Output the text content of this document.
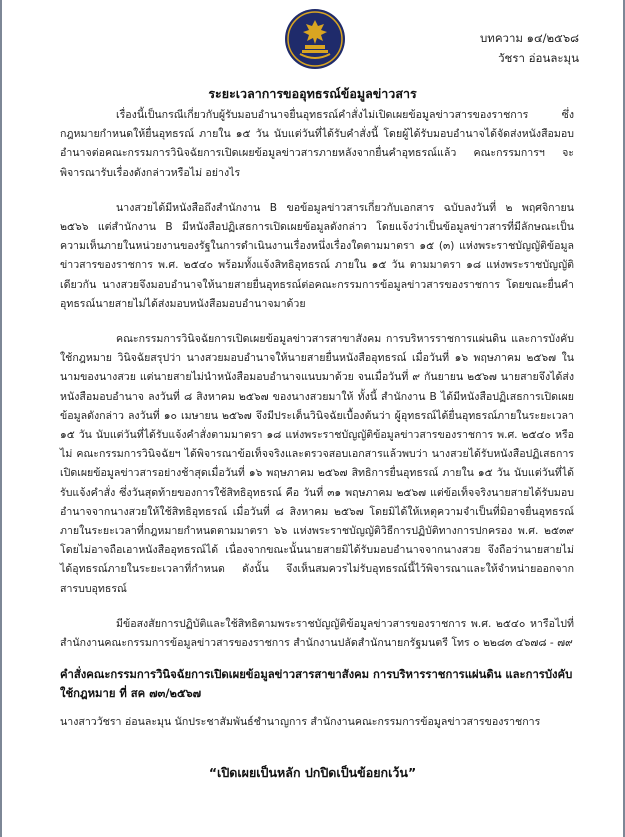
บทความ ๑๔/๒๕๖๘
วัชรา อ่อนละมุน
ระยะเวลาการขออุทธรณ์ข้อมูลข่าวสาร

เรื่องนี้เป็นกรณีเกี่ยวกับผู้รับมอบอำนาจยื่นอุทธรณ์คำสั่งไม่เปิดเผยข้อมูลข่าวสารของราชการ ซึ่งกฎหมายกำหนดให้ยื่นอุทธรณ์ ภายใน ๑๕ วัน นับแต่วันที่ได้รับคำสั่งนี้ โดยผู้ได้รับมอบอำนาจได้จัดส่งหนังสือมอบอำนาจต่อคณะกรรมการวินิจฉัยการเปิดเผยข้อมูลข่าวสารภายหลังจากยื่นคำอุทธรณ์แล้ว คณะกรรมการฯ จะพิจารณารับเรื่องดังกล่าวหรือไม่ อย่างไร

นางสวยได้มีหนังสือถึงสำนักงาน B ขอข้อมูลข่าวสารเกี่ยวกับเอกสาร ฉบับลงวันที่ ๒ พฤศจิกายน ๒๕๖๖ แต่สำนักงาน B มีหนังสือปฏิเสธการเปิดเผยข้อมูลดังกล่าว โดยแจ้งว่าเป็นข้อมูลข่าวสารที่มีลักษณะเป็นความเห็นภายในหน่วยงานของรัฐในการดำเนินงานเรื่องหนึ่งเรื่องใดตามมาตรา ๑๕ (๓) แห่งพระราชบัญญัติข้อมูลข่าวสารของราชการ พ.ศ. ๒๕๔๐ พร้อมทั้งแจ้งสิทธิอุทธรณ์ ภายใน ๑๕ วัน ตามมาตรา ๑๘ แห่งพระราชบัญญัติเดียวกัน นางสวยจึงมอบอำนาจให้นายสายยื่นอุทธรณ์ต่อคณะกรรมการข้อมูลข่าวสารของราชการ โดยขณะยื่นคำอุทธรณ์นายสายไม่ได้ส่งมอบหนังสือมอบอำนาจมาด้วย

คณะกรรมการวินิจฉัยการเปิดเผยข้อมูลข่าวสารสาขาสังคม การบริหารราชการแผ่นดิน และการบังคับใช้กฎหมาย วินิจฉัยสรุปว่า นางสวยมอบอำนาจให้นายสายยื่นหนังสืออุทธรณ์ เมื่อวันที่ ๑๖ พฤษภาคม ๒๕๖๗ ในนามของนางสวย แต่นายสายไม่นำหนังสือมอบอำนาจแนบมาด้วย จนเมื่อวันที่ ๙ กันยายน ๒๕๖๗ นายสายจึงได้ส่งหนังสือมอบอำนาจ ลงวันที่ ๘ สิงหาคม ๒๕๖๗ ของนางสวยมาให้ ทั้งนี้ สำนักงาน B ได้มีหนังสือปฏิเสธการเปิดเผยข้อมูลดังกล่าว ลงวันที่ ๑๐ เมษายน ๒๕๖๗ จึงมีประเด็นวินิจฉัยเบื้องต้นว่า ผู้อุทธรณ์ได้ยื่นอุทธรณ์ภายในระยะเวลา ๑๕ วัน นับแต่วันที่ได้รับแจ้งคำสั่งตามมาตรา ๑๘ แห่งพระราชบัญญัติข้อมูลข่าวสารของราชการ พ.ศ. ๒๕๔๐ หรือไม่ คณะกรรมการวินิจฉัยฯ ได้พิจารณาข้อเท็จจริงและตรวจสอบเอกสารแล้วพบว่า นางสวยได้รับหนังสือปฏิเสธการเปิดเผยข้อมูลข่าวสารอย่างช้าสุดเมื่อวันที่ ๑๖ พฤษภาคม ๒๕๖๗ สิทธิการยื่นอุทธรณ์ ภายใน ๑๕ วัน นับแต่วันที่ได้รับแจ้งคำสั่ง ซึ่งวันสุดท้ายของการใช้สิทธิอุทธรณ์ คือ วันที่ ๓๑ พฤษภาคม ๒๕๖๗ แต่ข้อเท็จจริงนายสายได้รับมอบอำนาจจากนางสวยให้ใช้สิทธิอุทธรณ์ เมื่อวันที่ ๘ สิงหาคม ๒๕๖๗ โดยมิได้ให้เหตุความจำเป็นที่มิอาจยื่นอุทธรณ์ภายในระยะเวลาที่กฎหมายกำหนดตามมาตรา ๖๖ แห่งพระราชบัญญัติวิธีการปฏิบัติทางการปกครอง พ.ศ. ๒๕๓๙ โดยไม่อาจถือเอาหนังสืออุทธรณ์ได้ เนื่องจากขณะนั้นนายสายมิได้รับมอบอำนาจจากนางสวย จึงถือว่านายสายไม่ได้อุทธรณ์ภายในระยะเวลาที่กำหนด ดังนั้น จึงเห็นสมควรไม่รับอุทธรณ์นี้ไว้พิจารณาและให้จำหน่ายออกจากสารบบอุทธรณ์

มีข้อสงสัยการปฏิบัติและใช้สิทธิตามพระราชบัญญัติข้อมูลข่าวสารของราชการ พ.ศ. ๒๕๔๐ หารือไปที่สำนักงานคณะกรรมการข้อมูลข่าวสารของราชการ สำนักงานปลัดสำนักนายกรัฐมนตรี โทร ๐ ๒๒๘๓ ๔๖๗๘ - ๗๙

คำสั่งคณะกรรมการวินิจฉัยการเปิดเผยข้อมูลข่าวสารสาขาสังคม การบริหารราชการแผ่นดิน และการบังคับใช้กฎหมาย ที่ สค ๗๓/๒๕๖๗
นางสาววัชรา อ่อนละมุน นักประชาสัมพันธ์ชำนาญการ สำนักงานคณะกรรมการข้อมูลข่าวสารของราชการ
“เปิดเผยเป็นหลัก ปกปิดเป็นข้อยกเว้น”
